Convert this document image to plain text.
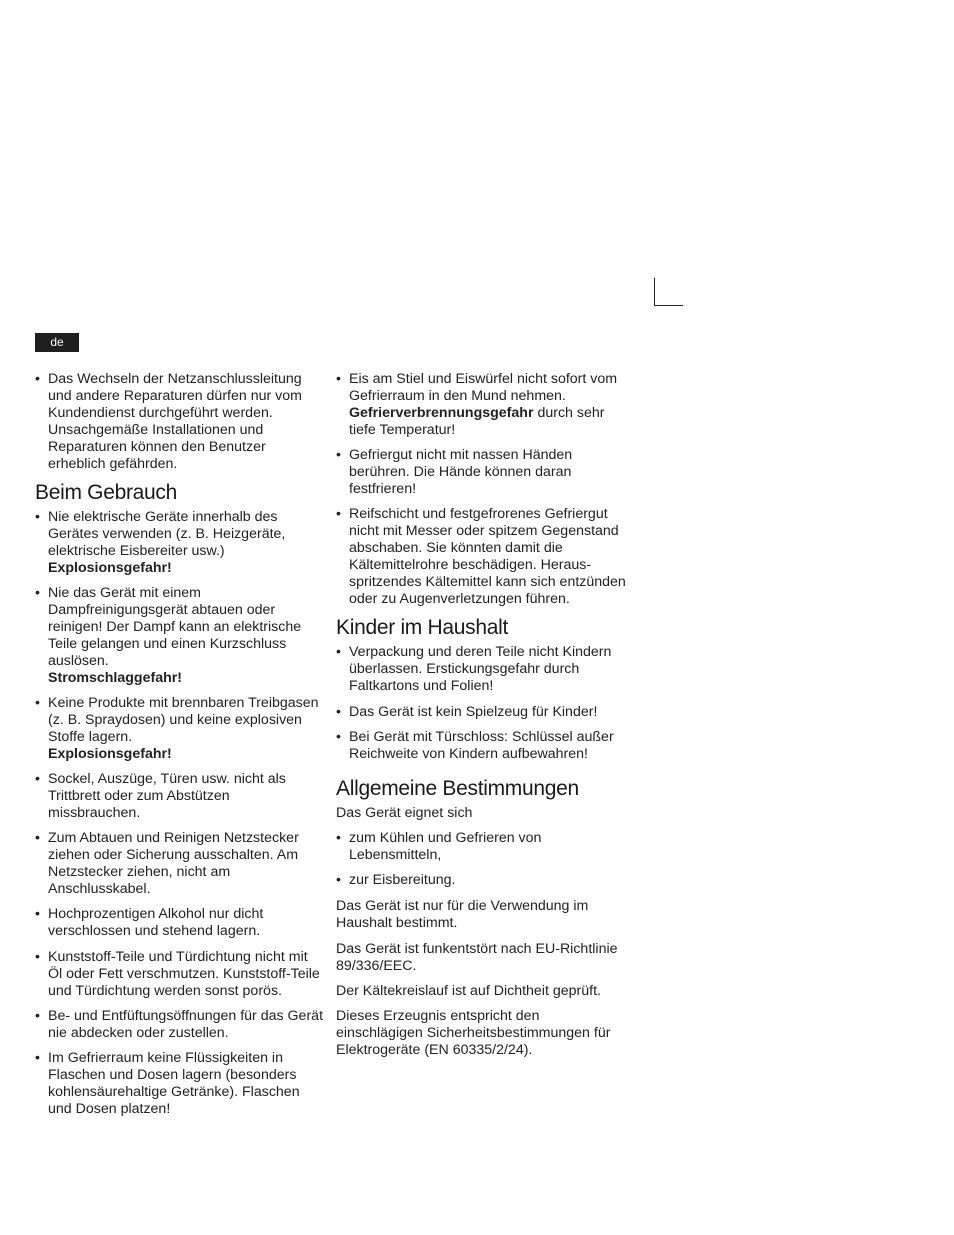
de
• Das Wechseln der Netzanschlussleitung und andere Reparaturen dürfen nur vom Kundendienst durchgeführt werden. Unsachgemäße Installationen und Reparaturen können den Benutzer erheblich gefährden.
Beim Gebrauch
• Nie elektrische Geräte innerhalb des Gerätes verwenden (z. B. Heizgeräte, elektrische Eisbereiter usw.)
Explosionsgefahr!
• Nie das Gerät mit einem Dampfreinigungsgerät abtauen oder reinigen! Der Dampf kann an elektrische Teile gelangen und einen Kurzschluss auslösen.
Stromschlaggefahr!
• Keine Produkte mit brennbaren Treibgasen (z. B. Spraydosen) und keine explosiven Stoffe lagern.
Explosionsgefahr!
• Sockel, Auszüge, Türen usw. nicht als Trittbrett oder zum Abstützen missbrauchen.
• Zum Abtauen und Reinigen Netzstecker ziehen oder Sicherung ausschalten. Am Netzstecker ziehen, nicht am Anschlusskabel.
• Hochprozentigen Alkohol nur dicht verschlossen und stehend lagern.
• Kunststoff-Teile und Türdichtung nicht mit Öl oder Fett verschmutzen. Kunststoff-Teile und Türdichtung werden sonst porös.
• Be- und Entfüftungsöffnungen für das Gerät nie abdecken oder zustellen.
• Im Gefrierraum keine Flüssigkeiten in Flaschen und Dosen lagern (besonders kohlensäurehaltige Getränke). Flaschen und Dosen platzen!
• Eis am Stiel und Eiswürfel nicht sofort vom Gefrierraum in den Mund nehmen.
Gefrierverbrennungsgefahr durch sehr tiefe Temperatur!
• Gefriergut nicht mit nassen Händen berühren. Die Hände können daran festfrieren!
• Reifschicht und festgefrorenes Gefriergut nicht mit Messer oder spitzem Gegenstand abschaben. Sie könnten damit die Kältemittelrohre beschädigen. Herausspritzendes Kältemittel kann sich entzünden oder zu Augenverletzungen führen.
Kinder im Haushalt
• Verpackung und deren Teile nicht Kindern überlassen. Erstickungsgefahr durch Faltkartons und Folien!
• Das Gerät ist kein Spielzeug für Kinder!
• Bei Gerät mit Türschloss: Schlüssel außer Reichweite von Kindern aufbewahren!
Allgemeine Bestimmungen

Das Gerät eignet sich

• zum Kühlen und Gefrieren von Lebensmitteln,
• zur Eisbereitung.

Das Gerät ist nur für die Verwendung im Haushalt bestimmt.

Das Gerät ist funkentstört nach EU-Richtlinie 89/336/EEC.

Der Kältekreislauf ist auf Dichtheit geprüft.

Dieses Erzeugnis entspricht den einschlägigen Sicherheitsbestimmungen für Elektrogeräte (EN 60335/2/24).
